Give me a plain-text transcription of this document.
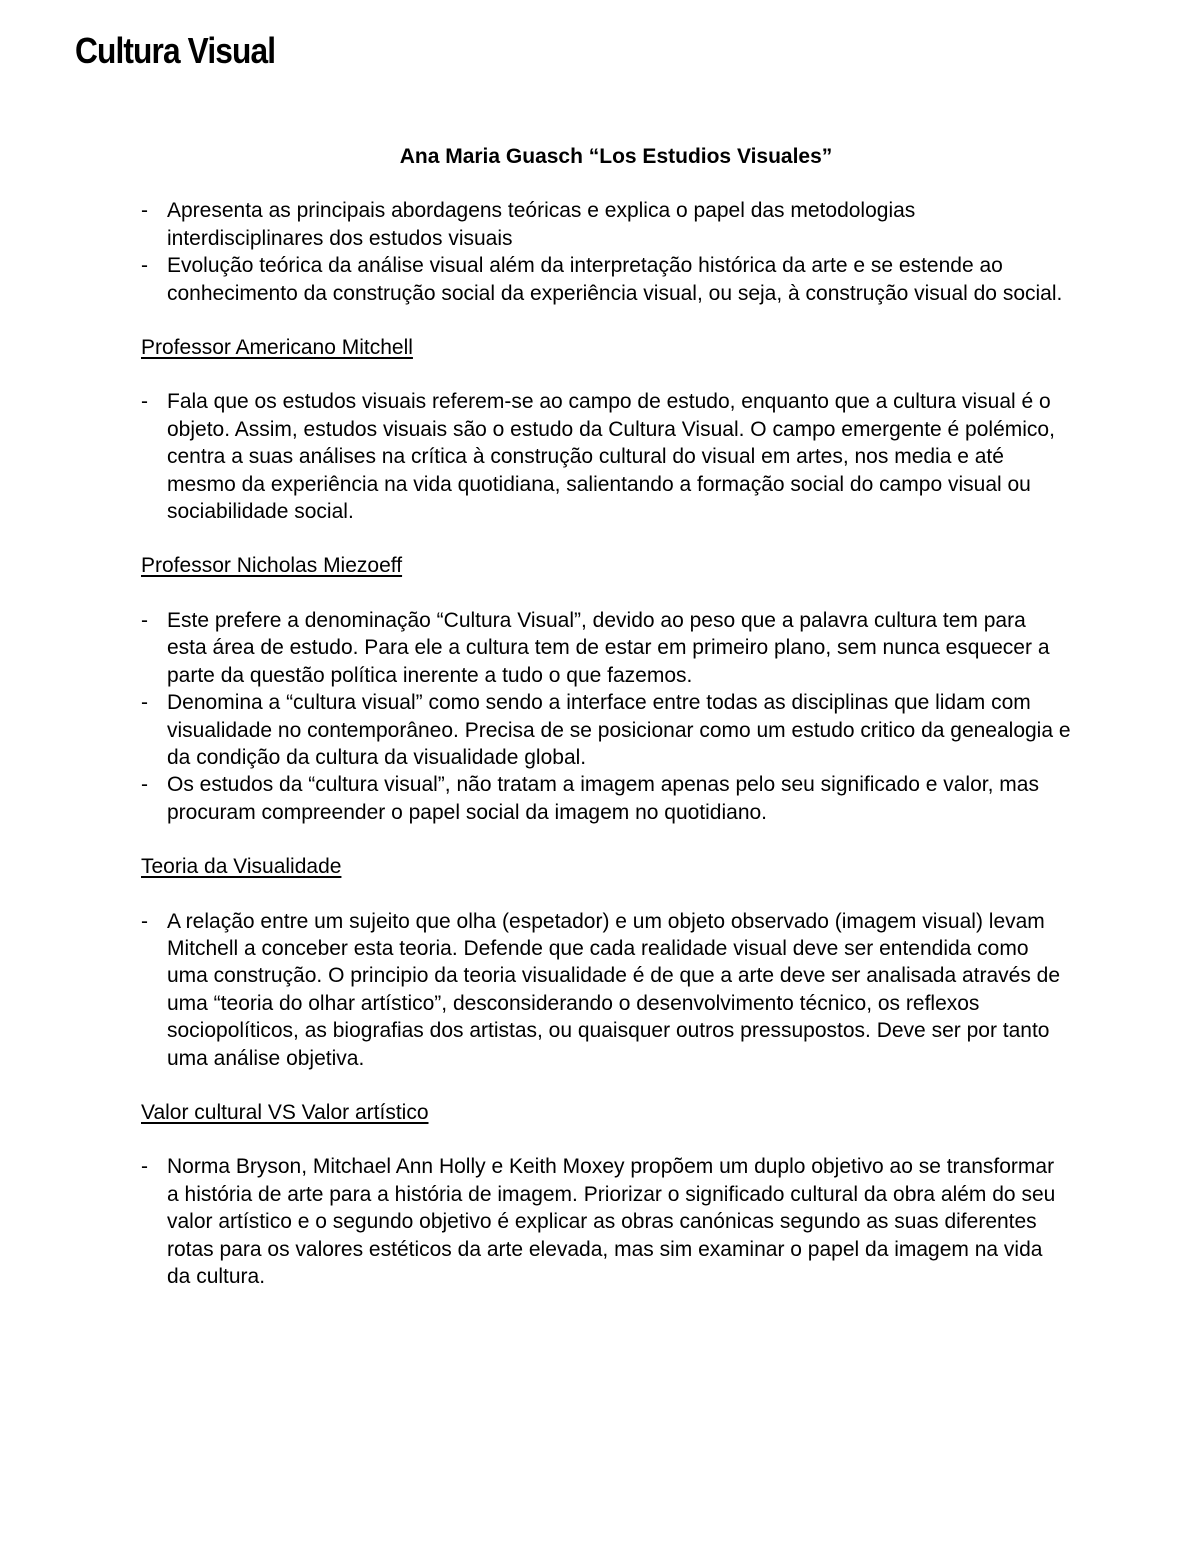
Cultura Visual

Ana Maria Guasch “Los Estudios Visuales”

- Apresenta as principais abordagens teóricas e explica o papel das metodologias interdisciplinares dos estudos visuais
- Evolução teórica da análise visual além da interpretação histórica da arte e se estende ao conhecimento da construção social da experiência visual, ou seja, à construção visual do social.

Professor Americano Mitchell

- Fala que os estudos visuais referem-se ao campo de estudo, enquanto que a cultura visual é o objeto. Assim, estudos visuais são o estudo da Cultura Visual. O campo emergente é polémico, centra a suas análises na crítica à construção cultural do visual em artes, nos media e até mesmo da experiência na vida quotidiana, salientando a formação social do campo visual ou sociabilidade social.

Professor Nicholas Miezoeff

- Este prefere a denominação “Cultura Visual”, devido ao peso que a palavra cultura tem para esta área de estudo. Para ele a cultura tem de estar em primeiro plano, sem nunca esquecer a parte da questão política inerente a tudo o que fazemos.
- Denomina a “cultura visual” como sendo a interface entre todas as disciplinas que lidam com visualidade no contemporâneo. Precisa de se posicionar como um estudo critico da genealogia e da condição da cultura da visualidade global.
- Os estudos da “cultura visual”, não tratam a imagem apenas pelo seu significado e valor, mas procuram compreender o papel social da imagem no quotidiano.

Teoria da Visualidade

- A relação entre um sujeito que olha (espetador) e um objeto observado (imagem visual) levam Mitchell a conceber esta teoria. Defende que cada realidade visual deve ser entendida como uma construção. O principio da teoria visualidade é de que a arte deve ser analisada através de uma “teoria do olhar artístico”, desconsiderando o desenvolvimento técnico, os reflexos sociopolíticos, as biografias dos artistas, ou quaisquer outros pressupostos. Deve ser por tanto uma análise objetiva.

Valor cultural VS Valor artístico

- Norma Bryson, Mitchael Ann Holly e Keith Moxey propõem um duplo objetivo ao se transformar a história de arte para a história de imagem. Priorizar o significado cultural da obra além do seu valor artístico e o segundo objetivo é explicar as obras canónicas segundo as suas diferentes rotas para os valores estéticos da arte elevada, mas sim examinar o papel da imagem na vida da cultura.
